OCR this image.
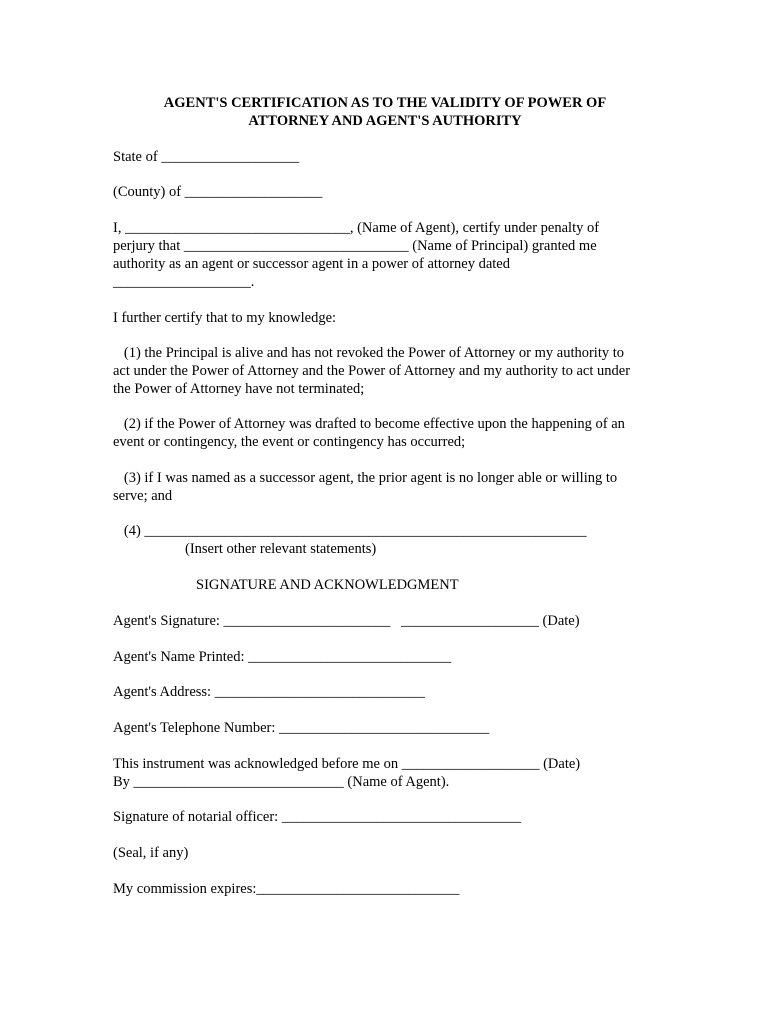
AGENT'S CERTIFICATION AS TO THE VALIDITY OF POWER OF
ATTORNEY AND AGENT'S AUTHORITY
State of ___________________
(County) of ___________________
I, _______________________________, (Name of Agent), certify under penalty of
perjury that _______________________________ (Name of Principal) granted me
authority as an agent or successor agent in a power of attorney dated
___________________.
I further certify that to my knowledge:
(1) the Principal is alive and has not revoked the Power of Attorney or my authority to
act under the Power of Attorney and the Power of Attorney and my authority to act under
the Power of Attorney have not terminated;
(2) if the Power of Attorney was drafted to become effective upon the happening of an
event or contingency, the event or contingency has occurred;
(3) if I was named as a successor agent, the prior agent is no longer able or willing to
serve; and
(4) _____________________________________________________________
(Insert other relevant statements)
SIGNATURE AND ACKNOWLEDGMENT
Agent's Signature: _______________________   ___________________ (Date)
Agent's Name Printed: ____________________________
Agent's Address: _____________________________
Agent's Telephone Number: _____________________________
This instrument was acknowledged before me on ___________________ (Date)
By _____________________________ (Name of Agent).
Signature of notarial officer: _________________________________
(Seal, if any)
My commission expires:____________________________
